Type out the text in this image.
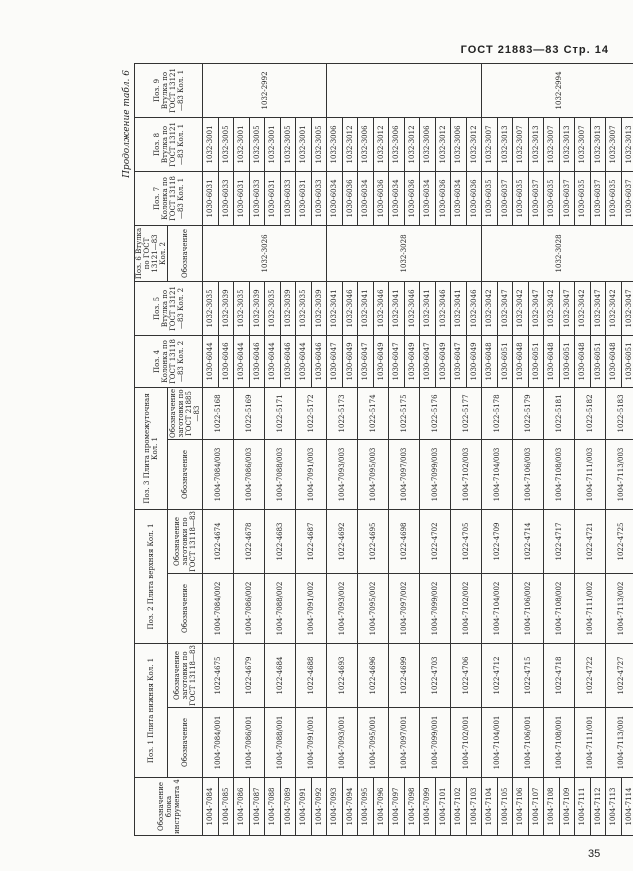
ГОСТ 21883—83 Стр. 14
Продолжение табл. 6
Обозначение блока инструмента 4	Поз. 1 Плита нижняя Кол. 1		Поз. 2 Плита верхняя Кол. 1		Поз. 3 Плита промежуточная Кол. 1		Поз. 4 Колонка по ГОСТ 13118—83 Кол. 2	Поз. 5 Втулка по ГОСТ 13121—83 Кол. 2	Поз. 6 Втулка по ГОСТ 13121—83 Кол. 2	Поз. 7 Колонка по ГОСТ 13118—83 Кол. 1	Поз. 8 Втулка по ГОСТ 13121—83 Кол. 1	Поз. 9 Втулка по ГОСТ 13121—83 Кол. 1
	Обозначение	Обозначение заготовки по ГОСТ 13118—83	Обозначение	Обозначение заготовки по ГОСТ 13118—83	Обозначение	Обозначение заготовки по ГОСТ 21885—83			Обозначение			
1004-7084	1004-7084/001	1022-4675	1004-7084/002	1022-4674	1004-7084/003	1022-5168	1030-6044	1032-3035	1032-3026	1030-6031	1032-3001	1032-2992
1004-7085							1030-6046	1032-3039		1030-6033	1032-3005	
1004-7086	1004-7086/001	1022-4679	1004-7086/002	1022-4678	1004-7086/003	1022-5169	1030-6044	1032-3035		1030-6031	1032-3001	
1004-7087							1030-6046	1032-3039		1030-6033	1032-3005	
1004-7088	1004-7088/001	1022-4684	1004-7088/002	1022-4683	1004-7088/003	1022-5171	1030-6044	1032-3035		1030-6031	1032-3001	
1004-7089							1030-6046	1032-3039		1030-6033	1032-3005	
1004-7091	1004-7091/001	1022-4688	1004-7091/002	1022-4687	1004-7091/003	1022-5172	1030-6044	1032-3035		1030-6031	1032-3001	
1004-7092							1030-6046	1032-3039		1030-6033	1032-3005	
1004-7093	1004-7093/001	1022-4693	1004-7093/002	1022-4692	1004-7093/003	1022-5173	1030-6047	1032-3041	1032-3028	1030-6034	1032-3006	
1004-7094							1030-6049	1032-3046		1030-6036	1032-3012	
1004-7095	1004-7095/001	1022-4696	1004-7095/002	1022-4695	1004-7095/003	1022-5174	1030-6047	1032-3041		1030-6034	1032-3006	
1004-7096							1030-6049	1032-3046		1030-6036	1032-3012	
1004-7097	1004-7097/001	1022-4699	1004-7097/002	1022-4698	1004-7097/003	1022-5175	1030-6047	1032-3041		1030-6034	1032-3006	
1004-7098							1030-6049	1032-3046		1030-6036	1032-3012	
1004-7099	1004-7099/001	1022-4703	1004-7099/002	1022-4702	1004-7099/003	1022-5176	1030-6047	1032-3041		1030-6034	1032-3006	
1004-7101							1030-6049	1032-3046		1030-6036	1032-3012	
1004-7102	1004-7102/001	1022-4706	1004-7102/002	1022-4705	1004-7102/003	1022-5177	1030-6047	1032-3041		1030-6034	1032-3006	
1004-7103							1030-6049	1032-3046		1030-6036	1032-3012	
1004-7104	1004-7104/001	1022-4712	1004-7104/002	1022-4709	1004-7104/003	1022-5178	1030-6048	1032-3042	1032-3028	1030-6035	1032-3007	1032-2994
1004-7105							1030-6051	1032-3047		1030-6037	1032-3013	
1004-7106	1004-7106/001	1022-4715	1004-7106/002	1022-4714	1004-7106/003	1022-5179	1030-6048	1032-3042		1030-6035	1032-3007	
1004-7107							1030-6051	1032-3047		1030-6037	1032-3013	
1004-7108	1004-7108/001	1022-4718	1004-7108/002	1022-4717	1004-7108/003	1022-5181	1030-6048	1032-3042		1030-6035	1032-3007	
1004-7109							1030-6051	1032-3047		1030-6037	1032-3013	
1004-7111	1004-7111/001	1022-4722	1004-7111/002	1022-4721	1004-7111/003	1022-5182	1030-6048	1032-3042		1030-6035	1032-3007	
1004-7112							1030-6051	1032-3047		1030-6037	1032-3013	
1004-7113	1004-7113/001	1022-4727	1004-7113/002	1022-4725	1004-7113/003	1022-5183	1030-6048	1032-3042		1030-6035	1032-3007	
1004-7114							1030-6051	1032-3047		1030-6037	1032-3013	
35
